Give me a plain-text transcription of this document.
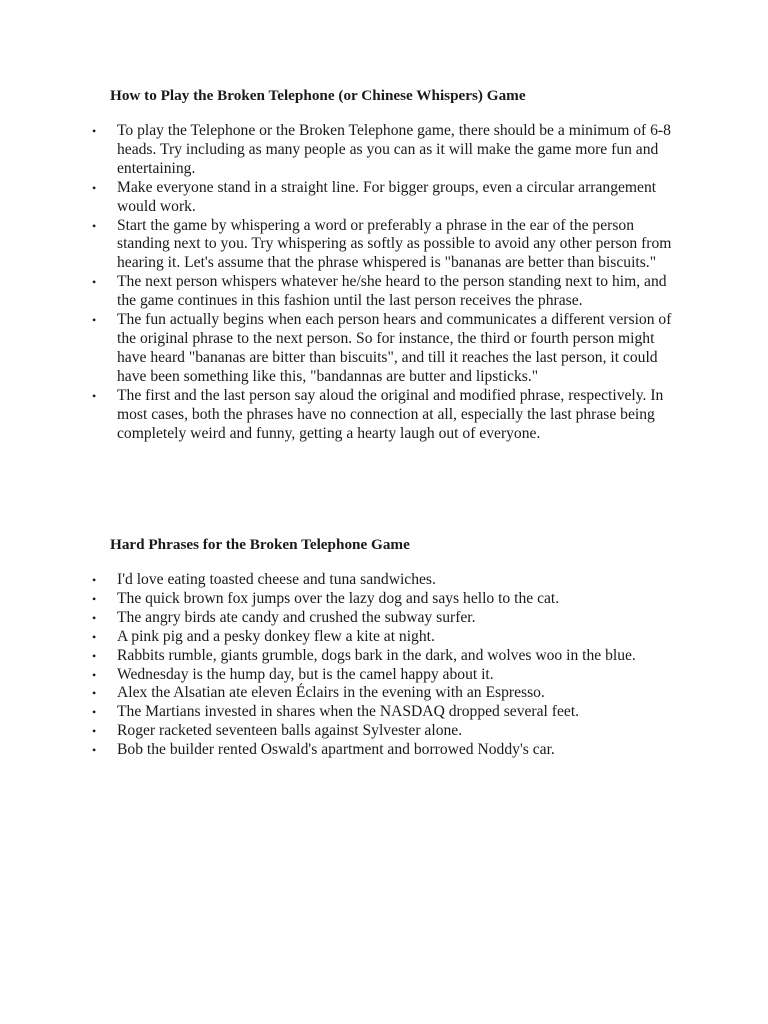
How to Play the Broken Telephone (or Chinese Whispers) Game
• To play the Telephone or the Broken Telephone game, there should be a minimum of 6-8 heads. Try including as many people as you can as it will make the game more fun and entertaining.
• Make everyone stand in a straight line. For bigger groups, even a circular arrangement would work.
• Start the game by whispering a word or preferably a phrase in the ear of the person standing next to you. Try whispering as softly as possible to avoid any other person from hearing it. Let's assume that the phrase whispered is "bananas are better than biscuits."
• The next person whispers whatever he/she heard to the person standing next to him, and the game continues in this fashion until the last person receives the phrase.
• The fun actually begins when each person hears and communicates a different version of the original phrase to the next person. So for instance, the third or fourth person might have heard "bananas are bitter than biscuits", and till it reaches the last person, it could have been something like this, "bandannas are butter and lipsticks."
• The first and the last person say aloud the original and modified phrase, respectively. In most cases, both the phrases have no connection at all, especially the last phrase being completely weird and funny, getting a hearty laugh out of everyone.
Hard Phrases for the Broken Telephone Game
• I'd love eating toasted cheese and tuna sandwiches.
• The quick brown fox jumps over the lazy dog and says hello to the cat.
• The angry birds ate candy and crushed the subway surfer.
• A pink pig and a pesky donkey flew a kite at night.
• Rabbits rumble, giants grumble, dogs bark in the dark, and wolves woo in the blue.
• Wednesday is the hump day, but is the camel happy about it.
• Alex the Alsatian ate eleven Éclairs in the evening with an Espresso.
• The Martians invested in shares when the NASDAQ dropped several feet.
• Roger racketed seventeen balls against Sylvester alone.
• Bob the builder rented Oswald's apartment and borrowed Noddy's car.
